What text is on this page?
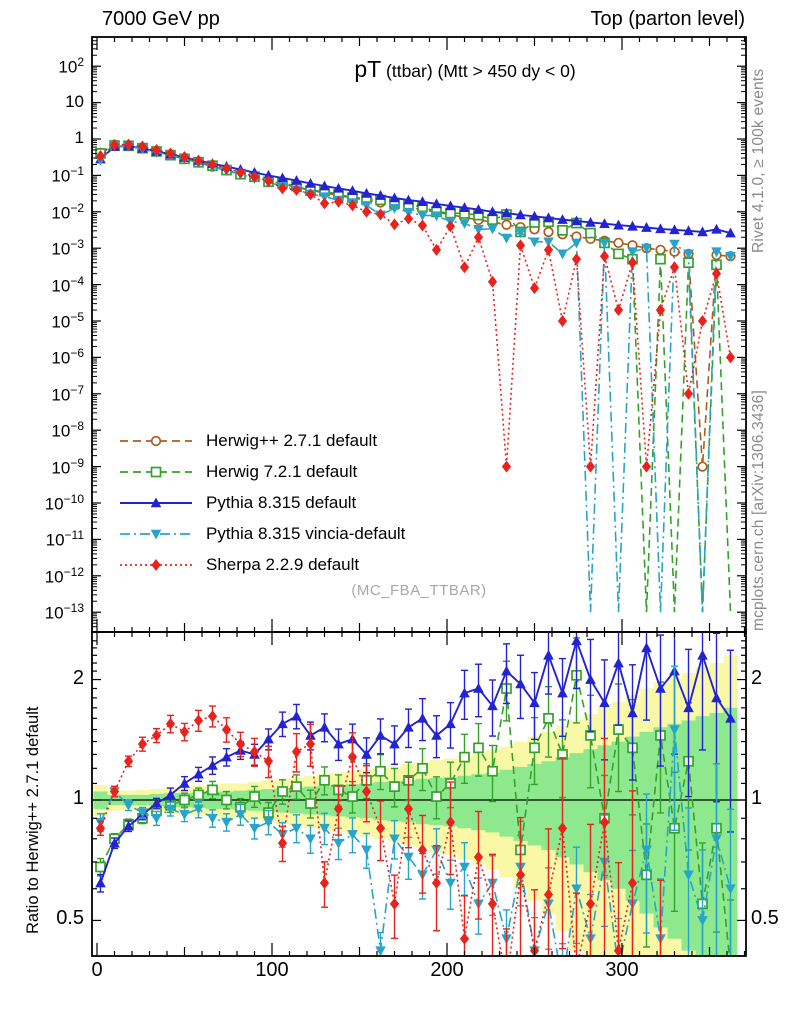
7000 GeV pp	Top (parton level)
pT (ttbar) (Mtt > 450 dy < 0)
Herwig++ 2.7.1 default
Herwig 7.2.1 default
Pythia 8.315 default
Pythia 8.315 vincia-default
Sherpa 2.2.9 default
(MC_FBA_TTBAR)
Rivet 4.1.0, ≥ 100k events
mcplots.cern.ch [arXiv:1306.3436]
Ratio to Herwig++ 2.7.1 default
$10^2$
10
1
$10^{-1}$
$10^{-2}$
$10^{-3}$
$10^{-4}$
$10^{-5}$
$10^{-6}$
$10^{-7}$
$10^{-8}$
$10^{-9}$
$10^{-10}$
$10^{-11}$
$10^{-12}$
$10^{-13}$
0	100	200	300
2	2
1	1
0.5	0.5
